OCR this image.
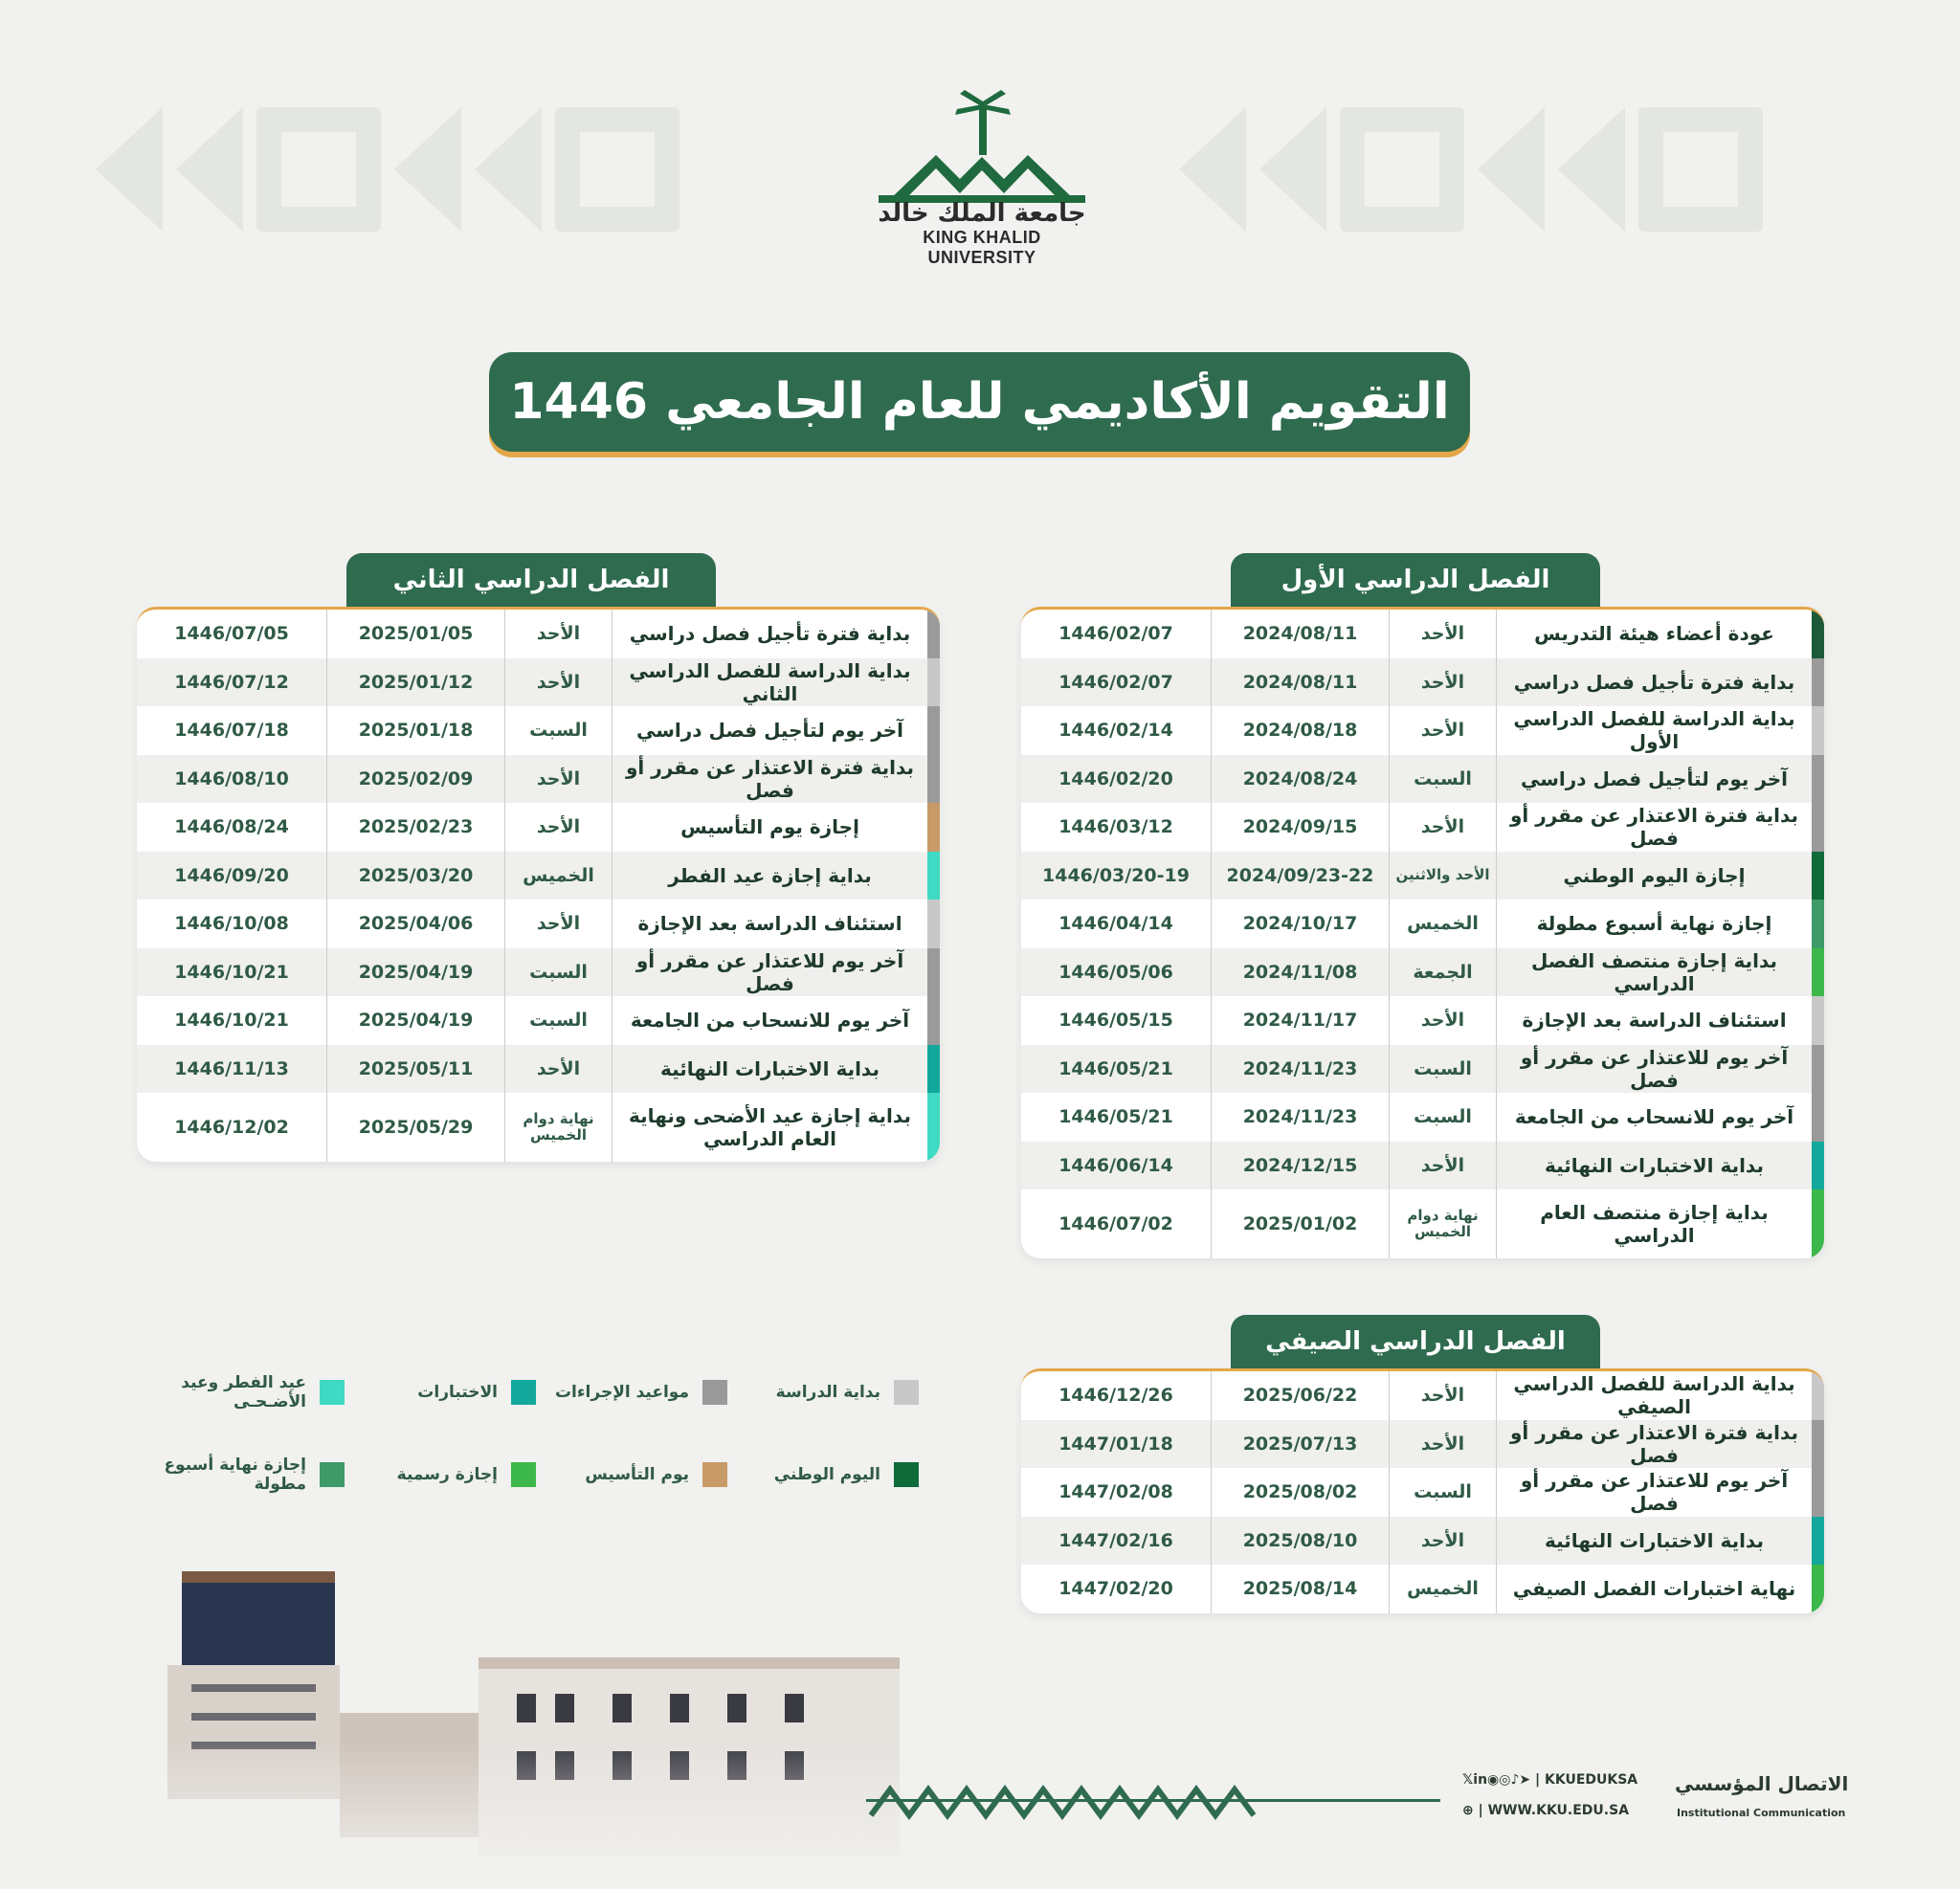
جامعة الملك خالد
KING KHALID UNIVERSITY
التقويم الأكاديمي للعام الجامعي 1446
الفصل الدراسي الأول
الفصل الدراسي الثاني
الفصل الدراسي الصيفي
عودة أعضاء هيئة التدريس
الأحد
2024/08/11
1446/02/07
بداية فترة تأجيل فصل دراسي
الأحد
2024/08/11
1446/02/07
بداية الدراسة للفصل الدراسي الأول
الأحد
2024/08/18
1446/02/14
آخر يوم لتأجيل فصل دراسي
السبت
2024/08/24
1446/02/20
بداية فترة الاعتذار عن مقرر أو فصل
الأحد
2024/09/15
1446/03/12
إجازة اليوم الوطني
الأحد والاثنين
2024/09/23-22
1446/03/20-19
إجازة نهاية أسبوع مطولة
الخميس
2024/10/17
1446/04/14
بداية إجازة منتصف الفصل الدراسي
الجمعة
2024/11/08
1446/05/06
استئناف الدراسة بعد الإجازة
الأحد
2024/11/17
1446/05/15
آخر يوم للاعتذار عن مقرر أو فصل
السبت
2024/11/23
1446/05/21
آخر يوم للانسحاب من الجامعة
السبت
2024/11/23
1446/05/21
بداية الاختبارات النهائية
الأحد
2024/12/15
1446/06/14
بداية إجازة منتصف العام الدراسي
نهاية دوام الخميس
2025/01/02
1446/07/02
بداية فترة تأجيل فصل دراسي
الأحد
2025/01/05
1446/07/05
بداية الدراسة للفصل الدراسي الثاني
الأحد
2025/01/12
1446/07/12
آخر يوم لتأجيل فصل دراسي
السبت
2025/01/18
1446/07/18
بداية فترة الاعتذار عن مقرر أو فصل
الأحد
2025/02/09
1446/08/10
إجازة يوم التأسيس
الأحد
2025/02/23
1446/08/24
بداية إجازة عيد الفطر
الخميس
2025/03/20
1446/09/20
استئناف الدراسة بعد الإجازة
الأحد
2025/04/06
1446/10/08
آخر يوم للاعتذار عن مقرر أو فصل
السبت
2025/04/19
1446/10/21
آخر يوم للانسحاب من الجامعة
السبت
2025/04/19
1446/10/21
بداية الاختبارات النهائية
الأحد
2025/05/11
1446/11/13
بداية إجازة عيد الأضحى ونهاية العام الدراسي
نهاية دوام الخميس
2025/05/29
1446/12/02
بداية الدراسة للفصل الدراسي الصيفي
الأحد
2025/06/22
1446/12/26
بداية فترة الاعتذار عن مقرر أو فصل
الأحد
2025/07/13
1447/01/18
آخر يوم للاعتذار عن مقرر أو فصل
السبت
2025/08/02
1447/02/08
بداية الاختبارات النهائية
الأحد
2025/08/10
1447/02/16
نهاية اختبارات الفصل الصيفي
الخميس
2025/08/14
1447/02/20
بداية الدراسة
مواعيد الإجراءات
الاختبارات
عيد الفطر وعيد الأضـحـى
اليوم الوطني
يوم التأسيس
إجازة رسمية
إجازة نهاية أسبوع مطولة
𝕏in◉◎♪➤ | KKUEDUKSA
⊕ | WWW.KKU.EDU.SA
الاتصال المؤسسي
Institutional Communication
